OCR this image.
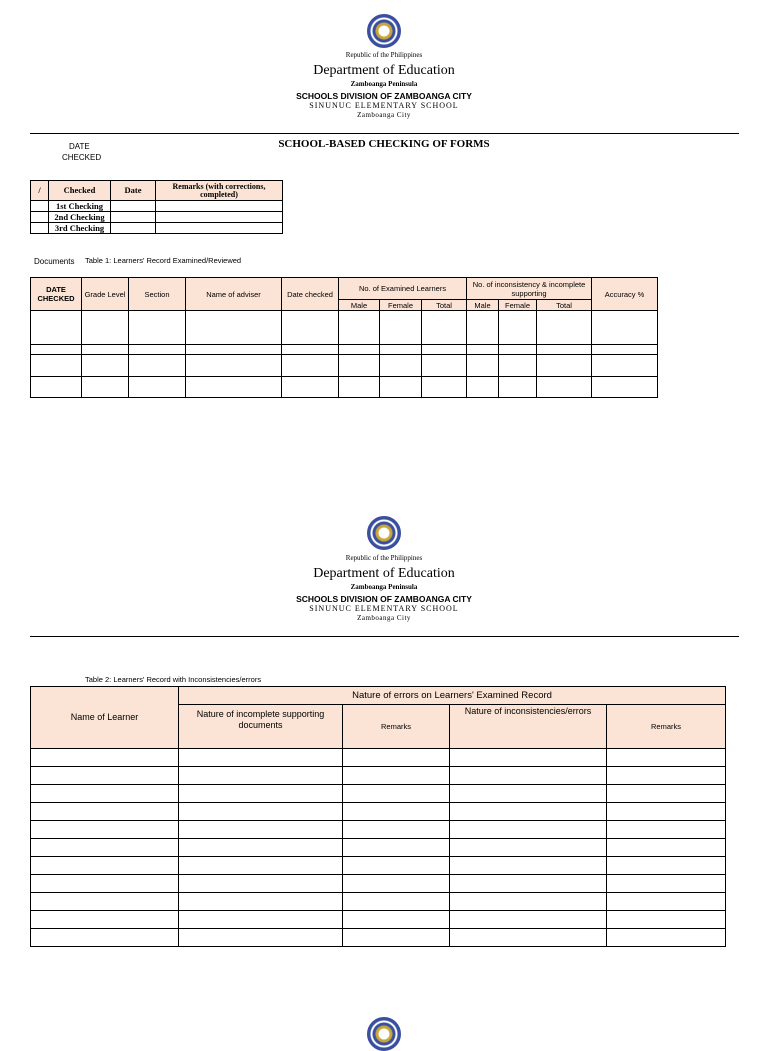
Republic of the Philippines
Department of Education
Zamboanga Peninsula
SCHOOLS DIVISION OF ZAMBOANGA CITY
SINUNUC ELEMENTARY SCHOOL
Zamboanga City
DATE
CHECKED
SCHOOL-BASED CHECKING OF FORMS
/	Checked	Date	Remarks (with corrections, completed)
	1st Checking		
	2nd Checking		
	3rd Checking		
Documents Table 1: Learners' Record Examined/Reviewed
DATE CHECKED	Grade Level	Section	Name of adviser	Date checked	No. of Examined Learners			No. of inconsistency & incomplete supporting			Accuracy %
					Male	Female	Total	Male	Female	Total	

Republic of the Philippines
Department of Education
Zamboanga Peninsula
SCHOOLS DIVISION OF ZAMBOANGA CITY
SINUNUC ELEMENTARY SCHOOL
Zamboanga City
Table 2: Learners' Record with Inconsistencies/errors
Name of Learner	Nature of errors on Learners' Examined Record			
	Nature of incomplete supporting documents	Remarks	Nature of inconsistencies/errors	Remarks
